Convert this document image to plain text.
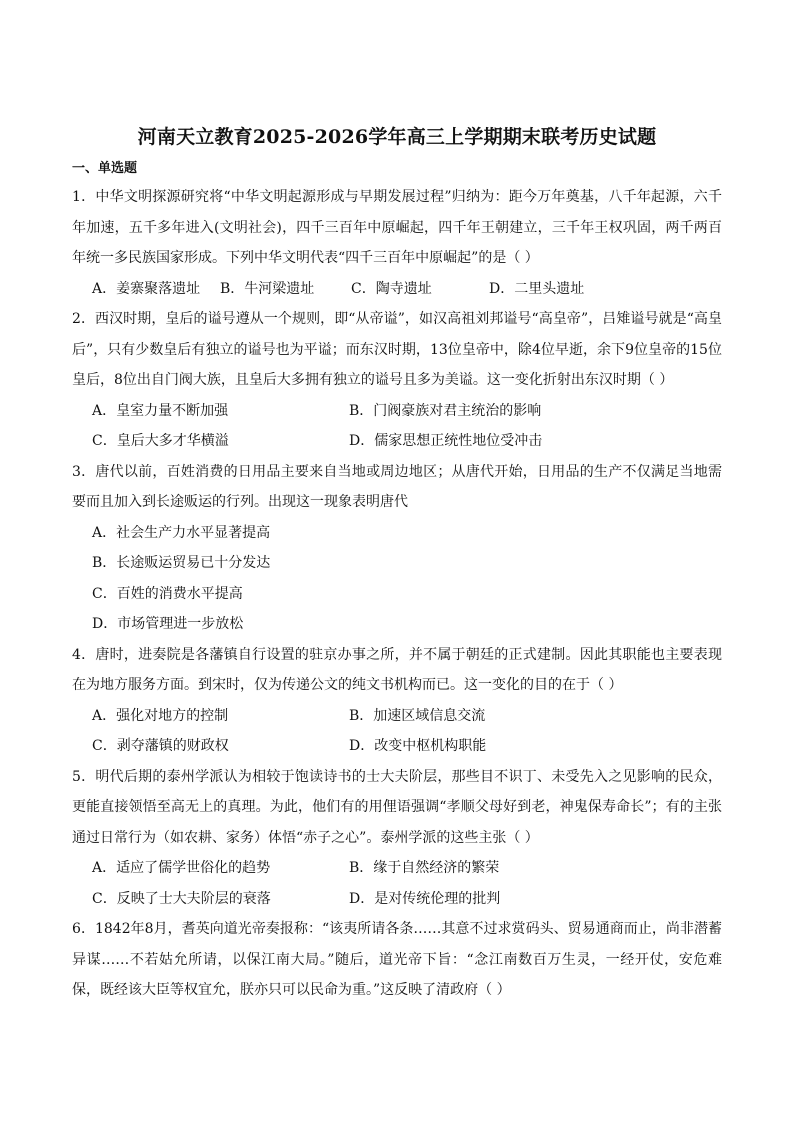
河南天立教育2025-2026学年高三上学期期末联考历史试题
一、单选题

1．中华文明探源研究将“中华文明起源形成与早期发展过程”归纳为：距今万年奠基，八千年起源，六千年加速，五千多年进入(文明社会)，四千三百年中原崛起，四千年王朝建立，三千年王权巩固，两千两百年统一多民族国家形成。下列中华文明代表“四千三百年中原崛起”的是（ ）

A．姜寨聚落遗址	B．牛河梁遗址	C．陶寺遗址	D．二里头遗址

2．西汉时期，皇后的谥号遵从一个规则，即“从帝谥”，如汉高祖刘邦谥号“高皇帝”，吕雉谥号就是“高皇后”，只有少数皇后有独立的谥号也为平谥；而东汉时期，13位皇帝中，除4位早逝，余下9位皇帝的15位皇后，8位出自门阀大族，且皇后大多拥有独立的谥号且多为美谥。这一变化折射出东汉时期（ ）

A．皇室力量不断加强	B．门阀豪族对君主统治的影响
C．皇后大多才华横溢	D．儒家思想正统性地位受冲击

3．唐代以前，百姓消费的日用品主要来自当地或周边地区；从唐代开始，日用品的生产不仅满足当地需要而且加入到长途贩运的行列。出现这一现象表明唐代

A．社会生产力水平显著提高
B．长途贩运贸易已十分发达
C．百姓的消费水平提高
D．市场管理进一步放松

4．唐时，进奏院是各藩镇自行设置的驻京办事之所，并不属于朝廷的正式建制。因此其职能也主要表现在为地方服务方面。到宋时，仅为传递公文的纯文书机构而已。这一变化的目的在于（ ）

A．强化对地方的控制	B．加速区域信息交流
C．剥夺藩镇的财政权	D．改变中枢机构职能

5．明代后期的泰州学派认为相较于饱读诗书的士大夫阶层，那些目不识丁、未受先入之见影响的民众，更能直接领悟至高无上的真理。为此，他们有的用俚语强调“孝顺父母好到老，神鬼保寿命长”；有的主张通过日常行为（如农耕、家务）体悟“赤子之心”。泰州学派的这些主张（ ）

A．适应了儒学世俗化的趋势	B．缘于自然经济的繁荣
C．反映了士大夫阶层的衰落	D．是对传统伦理的批判

6．1842年8月，耆英向道光帝奏报称：“该夷所请各条……其意不过求赏码头、贸易通商而止，尚非潜蓄异谋……不若姑允所请，以保江南大局。”随后，道光帝下旨：“念江南数百万生灵，一经开仗，安危难保，既经该大臣等权宜允，朕亦只可以民命为重。”这反映了清政府（ ）
